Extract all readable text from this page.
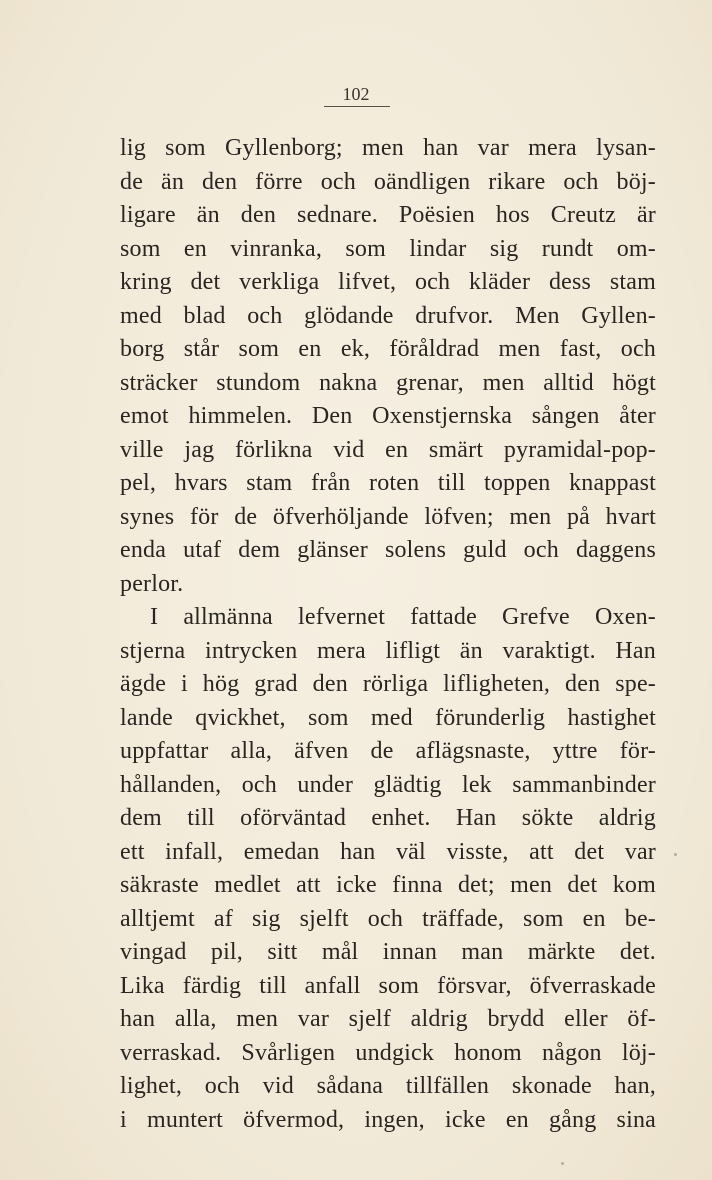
102
lig som Gyllenborg; men han var mera lysan-
de än den förre och oändligen rikare och böj-
ligare än den sednare. Poësien hos Creutz är
som en vinranka, som lindar sig rundt om-
kring det verkliga lifvet, och kläder dess stam
med blad och glödande drufvor. Men Gyllen-
borg står som en ek, föråldrad men fast, och
sträcker stundom nakna grenar, men alltid högt
emot himmelen. Den Oxenstjernska sången åter
ville jag förlikna vid en smärt pyramidal-pop-
pel, hvars stam från roten till toppen knappast
synes för de öfverhöljande löfven; men på hvart
enda utaf dem glänser solens guld och daggens
perlor.
I allmänna lefvernet fattade Grefve Oxen-
stjerna intrycken mera lifligt än varaktigt. Han
ägde i hög grad den rörliga lifligheten, den spe-
lande qvickhet, som med förunderlig hastighet
uppfattar alla, äfven de aflägsnaste, yttre för-
hållanden, och under glädtig lek sammanbinder
dem till oförväntad enhet. Han sökte aldrig
ett infall, emedan han väl visste, att det var
säkraste medlet att icke finna det; men det kom
alltjemt af sig sjelft och träffade, som en be-
vingad pil, sitt mål innan man märkte det.
Lika färdig till anfall som försvar, öfverraskade
han alla, men var sjelf aldrig brydd eller öf-
verraskad. Svårligen undgick honom någon löj-
lighet, och vid sådana tillfällen skonade han,
i muntert öfvermod, ingen, icke en gång sina
